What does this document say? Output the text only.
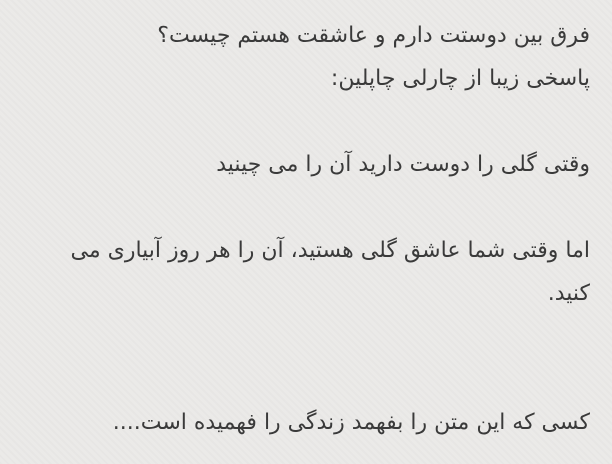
فرق بین دوستت دارم و عاشقت هستم چیست؟
پاسخی زیبا از چارلی چاپلین:
وقتی گلی را دوست دارید آن را می چینید
اما وقتی شما عاشق گلی هستید، آن را هر روز آبیاری می
کنید.
کسی که این متن را بفهمد زندگی را فهمیده است....
